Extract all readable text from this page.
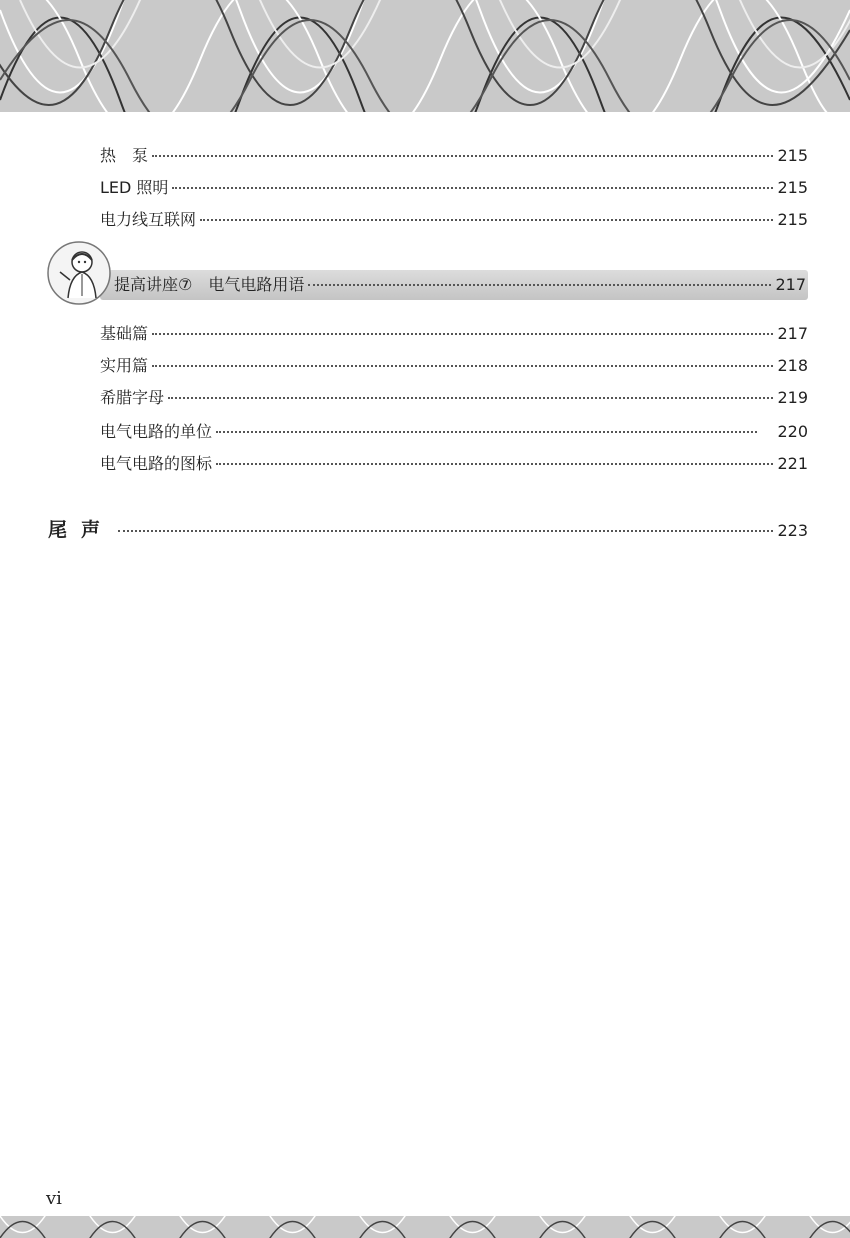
热　泵	215
LED 照明	215
电力线互联网	215
提高讲座⑦　电气电路用语	217
基础篇	217
实用篇	218
希腊字母	219
电气电路的单位	220
电气电路的图标	221
尾声	223
vi
